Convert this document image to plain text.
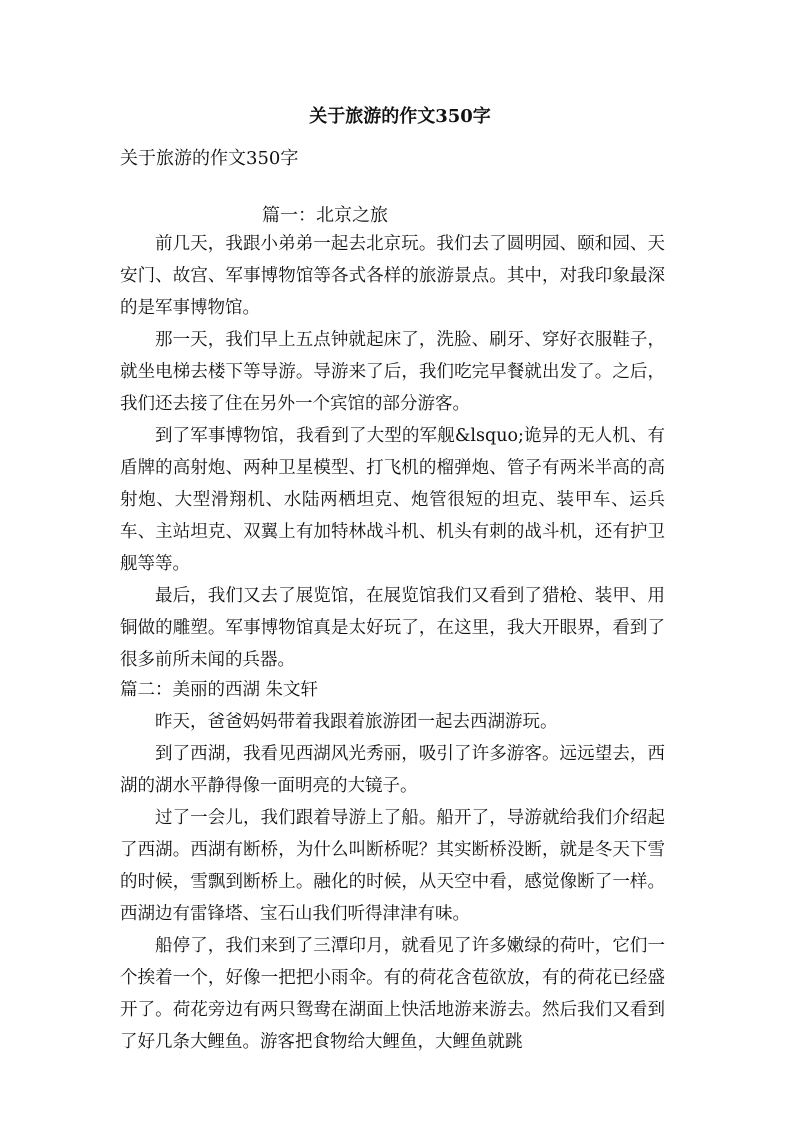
关于旅游的作文350字
关于旅游的作文350字
篇一：北京之旅

前几天，我跟小弟弟一起去北京玩。我们去了圆明园、颐和园、天安门、故宫、军事博物馆等各式各样的旅游景点。其中，对我印象最深的是军事博物馆。

那一天，我们早上五点钟就起床了，洗脸、刷牙、穿好衣服鞋子，就坐电梯去楼下等导游。导游来了后，我们吃完早餐就出发了。之后，我们还去接了住在另外一个宾馆的部分游客。

到了军事博物馆，我看到了大型的军舰&lsquo;诡异的无人机、有盾牌的高射炮、两种卫星模型、打飞机的榴弹炮、管子有两米半高的高射炮、大型滑翔机、水陆两栖坦克、炮管很短的坦克、装甲车、运兵车、主站坦克、双翼上有加特林战斗机、机头有刺的战斗机，还有护卫舰等等。

最后，我们又去了展览馆，在展览馆我们又看到了猎枪、装甲、用铜做的雕塑。军事博物馆真是太好玩了，在这里，我大开眼界，看到了很多前所未闻的兵器。

篇二：美丽的西湖 朱文轩

昨天，爸爸妈妈带着我跟着旅游团一起去西湖游玩。

到了西湖，我看见西湖风光秀丽，吸引了许多游客。远远望去，西湖的湖水平静得像一面明亮的大镜子。

过了一会儿，我们跟着导游上了船。船开了，导游就给我们介绍起了西湖。西湖有断桥，为什么叫断桥呢？其实断桥没断，就是冬天下雪的时候，雪飘到断桥上。融化的时候，从天空中看，感觉像断了一样。西湖边有雷锋塔、宝石山我们听得津津有味。

船停了，我们来到了三潭印月，就看见了许多嫩绿的荷叶，它们一个挨着一个，好像一把把小雨伞。有的荷花含苞欲放，有的荷花已经盛开了。荷花旁边有两只鸳鸯在湖面上快活地游来游去。然后我们又看到了好几条大鲤鱼。游客把食物给大鲤鱼，大鲤鱼就跳
